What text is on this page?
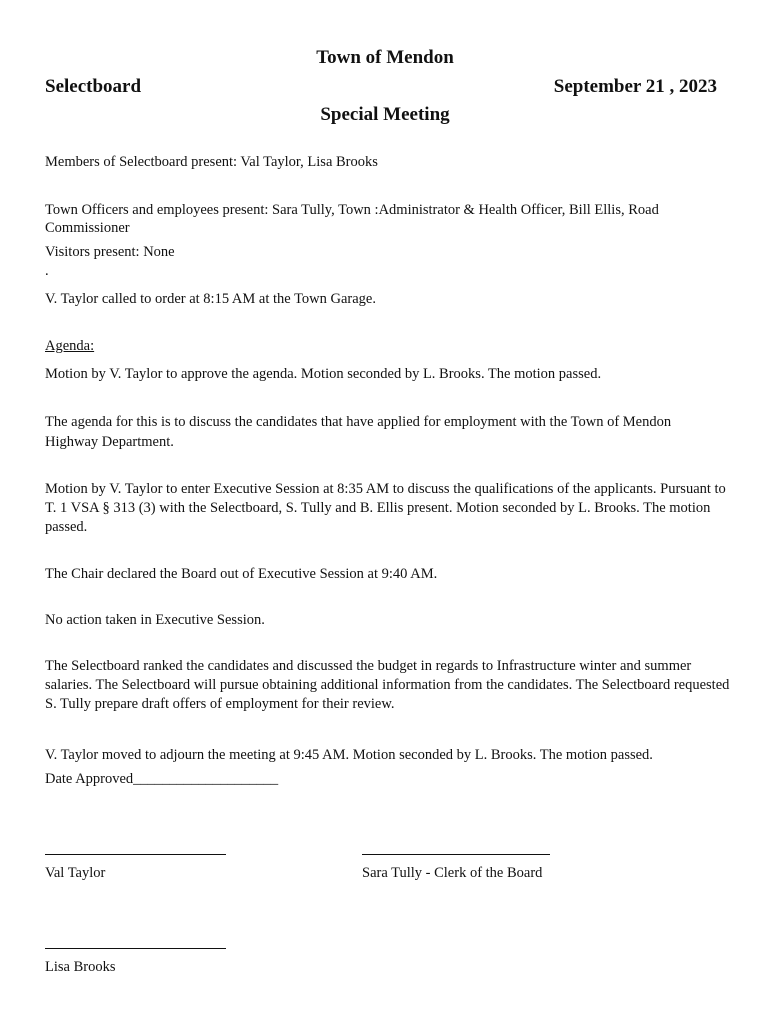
Town of Mendon
Selectboard	September 21 , 2023
Special Meeting
Members of Selectboard present: Val Taylor, Lisa Brooks
Town Officers and employees present: Sara Tully, Town :Administrator & Health Officer, Bill Ellis, Road Commissioner
Visitors present: None
.
V. Taylor called to order at 8:15 AM at the Town Garage.
Agenda:
Motion by V. Taylor to approve the agenda. Motion seconded by L. Brooks. The motion passed.
The agenda for this is to discuss the candidates that have applied for employment with the Town of Mendon Highway Department.
Motion by V. Taylor to enter Executive Session at 8:35 AM to discuss the qualifications of the applicants. Pursuant to T. 1 VSA § 313 (3) with the Selectboard, S. Tully and B. Ellis present. Motion seconded by L. Brooks. The motion passed.
The Chair declared the Board out of Executive Session at 9:40 AM.
No action taken in Executive Session.
The Selectboard ranked the candidates and discussed the budget in regards to Infrastructure winter and summer salaries. The Selectboard will pursue obtaining additional information from the candidates. The Selectboard requested S. Tully prepare draft offers of employment for their review.
V. Taylor moved to adjourn the meeting at 9:45 AM. Motion seconded by L. Brooks. The motion passed.
Date Approved____________________
Val Taylor	Sara Tully - Clerk of the Board
Lisa Brooks
